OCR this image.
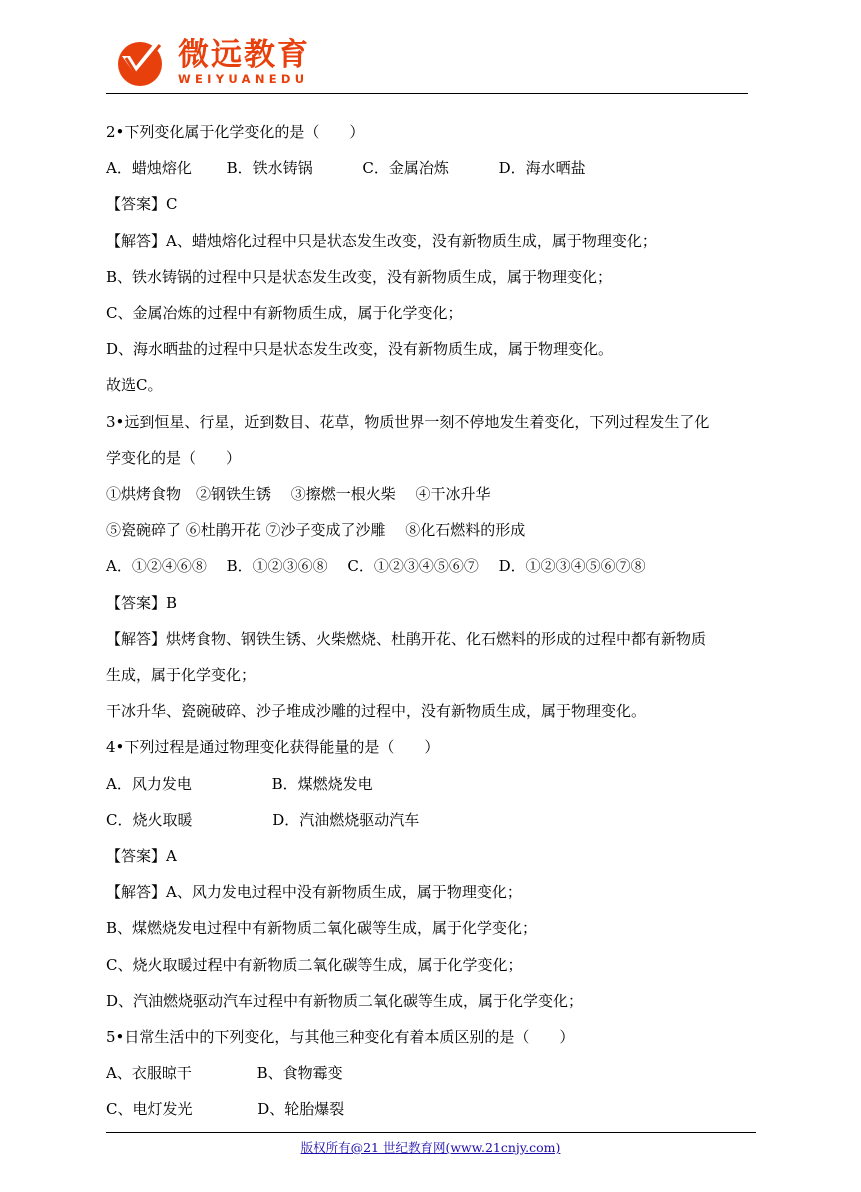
微远教育
WEIYUANEDU
2•下列变化属于化学变化的是（　　）
A．蜡烛熔化　　 B．铁水铸锅　　　 C．金属冶炼　　　 D．海水晒盐
【答案】C
【解答】A、蜡烛熔化过程中只是状态发生改变，没有新物质生成，属于物理变化；
B、铁水铸锅的过程中只是状态发生改变，没有新物质生成，属于物理变化；
C、金属冶炼的过程中有新物质生成，属于化学变化；
D、海水晒盐的过程中只是状态发生改变，没有新物质生成，属于物理变化。
故选C。
3•远到恒星、行星，近到数目、花草，物质世界一刻不停地发生着变化，下列过程发生了化
学变化的是（　　）
①烘烤食物　②钢铁生锈　 ③擦燃一根火柴　 ④干冰升华
⑤瓷碗碎了 ⑥杜鹃开花 ⑦沙子变成了沙雕　 ⑧化石燃料的形成
A．①②④⑥⑧　 B．①②③⑥⑧　 C．①②③④⑤⑥⑦　 D．①②③④⑤⑥⑦⑧
【答案】B
【解答】烘烤食物、钢铁生锈、火柴燃烧、杜鹃开花、化石燃料的形成的过程中都有新物质
生成，属于化学变化；
干冰升华、瓷碗破碎、沙子堆成沙雕的过程中，没有新物质生成，属于物理变化。
4•下列过程是通过物理变化获得能量的是（　　）
A．风力发电　　　　　 B．煤燃烧发电
C．烧火取暖　　　　　 D．汽油燃烧驱动汽车
【答案】A
【解答】A、风力发电过程中没有新物质生成，属于物理变化；
B、煤燃烧发电过程中有新物质二氧化碳等生成，属于化学变化；
C、烧火取暖过程中有新物质二氧化碳等生成，属于化学变化；
D、汽油燃烧驱动汽车过程中有新物质二氧化碳等生成，属于化学变化；
5•日常生活中的下列变化，与其他三种变化有着本质区别的是（　　）
A、衣服晾干　　　　 B、食物霉变
C、电灯发光　　　　 D、轮胎爆裂
版权所有@21 世纪教育网(www.21cnjy.com)
